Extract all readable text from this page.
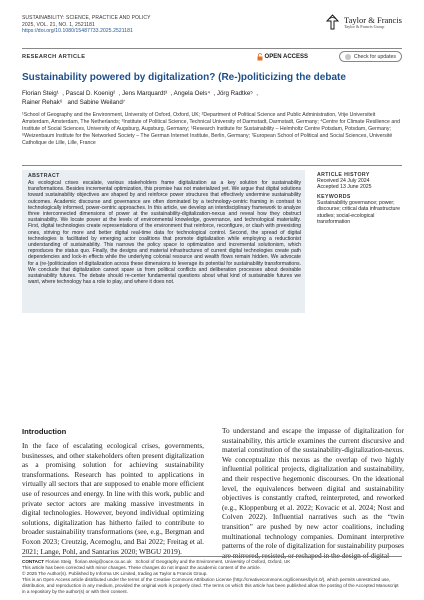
SUSTAINABILITY: SCIENCE, PRACTICE AND POLICY
2025, VOL. 21, NO. 1, 2521181
https://doi.org/10.1080/15487733.2025.2521181
Taylor & Francis
Taylor & Francis Group
RESEARCH ARTICLE	OPEN ACCESS	Check for updates
Sustainability powered by digitalization? (Re-)politicizing the debate
Florian Steig¹  , Pascal D. Koenig²  , Jens Marquardt³  , Angela Oels⁴  , Jörg Radtke⁵  ,
Rainer Rehak⁶   and Sabine Weiland⁷
¹School of Geography and the Environment, University of Oxford, Oxford, UK; ²Department of Political Science and Public Administration, Vrije Universiteit Amsterdam, Amsterdam, The Netherlands; ³Institute of Political Science, Technical University of Darmstadt, Darmstadt, Germany; ⁴Centre for Climate Resilience and Institute of Social Sciences, University of Augsburg, Augsburg, Germany; ⁵Research Institute for Sustainability – Helmholtz Centre Potsdam, Potsdam, Germany; ⁶Weizenbaum Institute for the Networked Society – The German Internet Institute, Berlin, Germany; ⁷European School of Political and Social Sciences, Université Catholique de Lille, Lille, France
ABSTRACT
As ecological crises escalate, various stakeholders frame digitalization as a key solution for sustainability transformations. Besides incremental optimization, this promise has not materialized yet. We argue that digital solutions toward sustainability objectives are shaped by and reinforce power structures that effectively undermine sustainability outcomes. Academic discourse and governance are often dominated by a technology-centric framing in contrast to technologically informed, power-centric approaches. In this article, we develop an interdisciplinary framework to analyze three interconnected dimensions of power at the sustainability-digitalization-nexus and reveal how they obstruct sustainability. We locate power at the levels of environmental knowledge, governance, and technological materiality. First, digital technologies create representations of the environment that reinforce, reconfigure, or clash with preexisting ones, striving for more and better digital real-time data for technological control. Second, the spread of digital technologies is facilitated by emerging actor coalitions that promote digitalization while employing a reductionist understanding of sustainability. This narrows the policy space to optimization and incremental solutionism, which reproduces the status quo. Finally, the designs and material infrastructures of current digital technologies create path dependencies and lock-in effects while the underlying colonial resource and wealth flows remain hidden. We advocate for a (re-)politicization of digitalization across these dimensions to leverage its potential for sustainability transformations. We conclude that digitalization cannot spare us from political conflicts and deliberation processes about desirable sustainability futures. The debate should re-center fundamental questions about what kind of sustainable futures we want, where technology has a role to play, and where it does not.
ARTICLE HISTORY
Received 24 July 2024
Accepted 13 June 2025
KEYWORDS
Sustainability governance; power; discourse; critical data infrastructure studies; social-ecological transformation
Introduction
In the face of escalating ecological crises, governments, businesses, and other stakeholders often present digitalization as a promising solution for achieving sustainability transformations. Research has pointed to applications in virtually all sectors that are supposed to enable more efficient use of resources and energy. In line with this work, public and private sector actors are making massive investments in digital technologies. However, beyond individual optimizing solutions, digitalization has hitherto failed to contribute to broader sustainability transformations (see, e.g., Bergman and Foxon 2023; Creutzig, Acemoglu, and Bai 2022; Freitag et al. 2021; Lange, Pohl, and Santarius 2020; WBGU 2019).
To understand and escape the impasse of digitalization for sustainability, this article examines the current discursive and material constitution of the sustainability-digitalization-nexus. We conceptualize this nexus as the overlap of two highly influential political projects, digitalization and sustainability, and their respective hegemonic discourses. On the ideational level, the equivalences between digital and sustainability objectives is constantly crafted, reinterpreted, and reworked (e.g., Kloppenburg et al. 2022; Kovacic et al. 2024; Nost and Colven 2022). Influential narratives such as the “twin transition” are pushed by new actor coalitions, including multinational technology companies. Dominant interpretive patterns of the role of digitalization for sustainability purposes are mirrored, resisted, or reshaped in the design of digital
CONTACT Florian Steig   florian.steig@ouce.ox.ac.uk   School of Geography and the Environment, University of Oxford, Oxford, UK
This article has been corrected with minor changes. These changes do not impact the academic content of the article.
© 2025 The Author(s). Published by Informa UK Limited, trading as Taylor & Francis Group.
This is an Open Access article distributed under the terms of the Creative Commons Attribution License (http://creativecommons.org/licenses/by/4.0/), which permits unrestricted use, distribution, and reproduction in any medium, provided the original work is properly cited. The terms on which this article has been published allow the posting of the Accepted Manuscript in a repository by the author(s) or with their consent.
